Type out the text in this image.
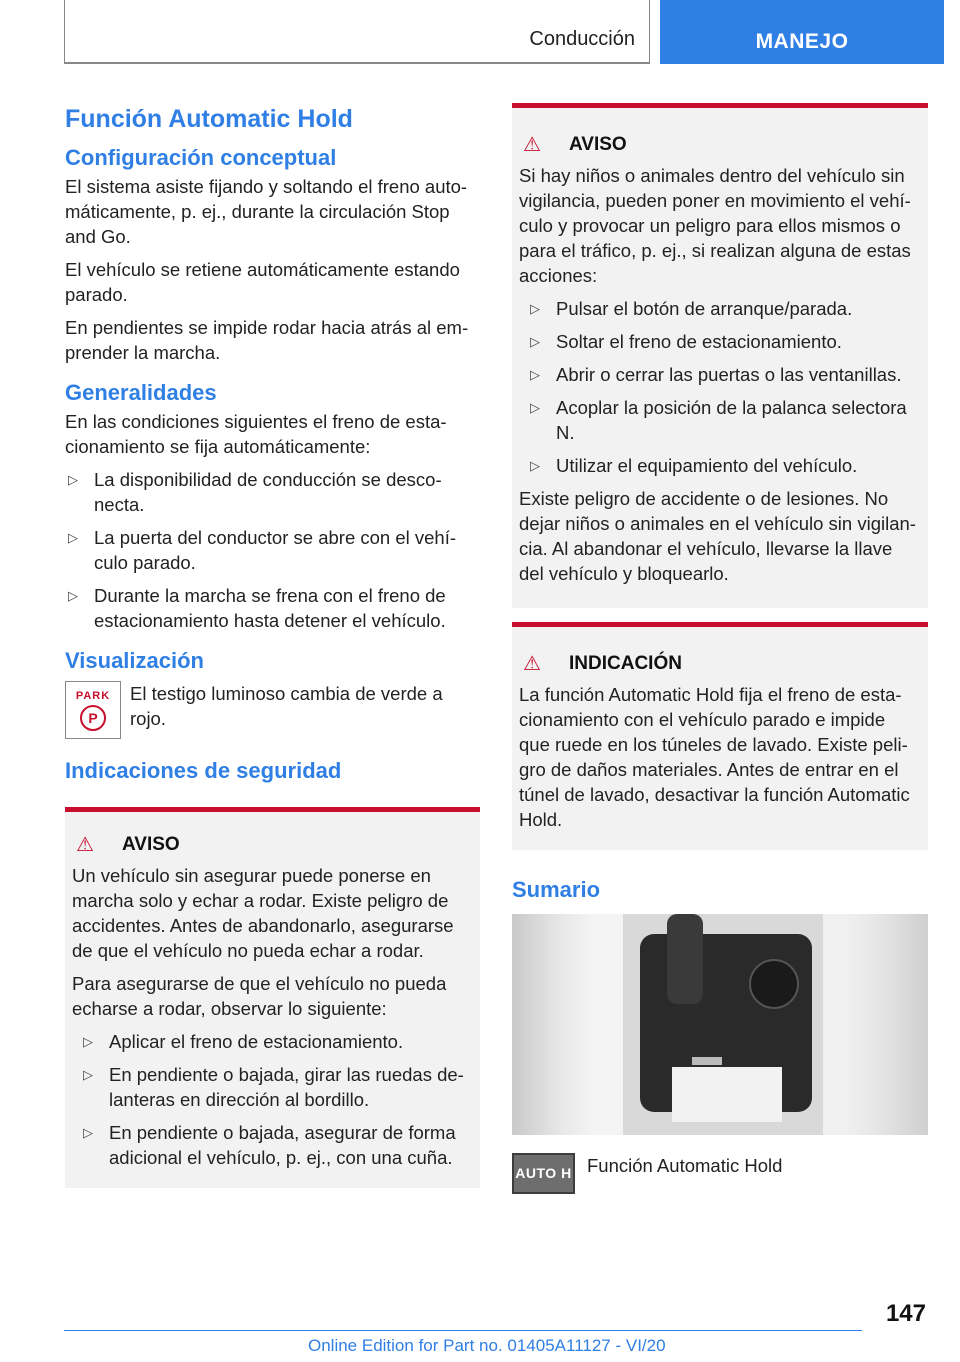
Conducción	MANEJO
Función Automatic Hold
Configuración conceptual

El sistema asiste fijando y soltando el freno automáticamente, p. ej., durante la circulación Stop and Go.

El vehículo se retiene automáticamente estando parado.

En pendientes se impide rodar hacia atrás al emprender la marcha.

Generalidades

En las condiciones siguientes el freno de estacionamiento se fija automáticamente:

▷ La disponibilidad de conducción se desconecta.
▷ La puerta del conductor se abre con el vehículo parado.
▷ Durante la marcha se frena con el freno de estacionamiento hasta detener el vehículo.
Visualización
PARK
P
El testigo luminoso cambia de verde a rojo.
Indicaciones de seguridad
⚠	AVISO

Un vehículo sin asegurar puede ponerse en marcha solo y echar a rodar. Existe peligro de accidentes. Antes de abandonarlo, asegurarse de que el vehículo no pueda echar a rodar.

Para asegurarse de que el vehículo no pueda echarse a rodar, observar lo siguiente:

▷ Aplicar el freno de estacionamiento.
▷ En pendiente o bajada, girar las ruedas delanteras en dirección al bordillo.
▷ En pendiente o bajada, asegurar de forma adicional el vehículo, p. ej., con una cuña.
⚠	AVISO

Si hay niños o animales dentro del vehículo sin vigilancia, pueden poner en movimiento el vehículo y provocar un peligro para ellos mismos o para el tráfico, p. ej., si realizan alguna de estas acciones:

▷ Pulsar el botón de arranque/parada.
▷ Soltar el freno de estacionamiento.
▷ Abrir o cerrar las puertas o las ventanillas.
▷ Acoplar la posición de la palanca selectora N.
▷ Utilizar el equipamiento del vehículo.

Existe peligro de accidente o de lesiones. No dejar niños o animales en el vehículo sin vigilancia. Al abandonar el vehículo, llevarse la llave del vehículo y bloquearlo.

⚠	INDICACIÓN

La función Automatic Hold fija el freno de estacionamiento con el vehículo parado e impide que ruede en los túneles de lavado. Existe peligro de daños materiales. Antes de entrar en el túnel de lavado, desactivar la función Automatic Hold.

Sumario
AUTO H Función Automatic Hold
147
Online Edition for Part no. 01405A11127 - VI/20
